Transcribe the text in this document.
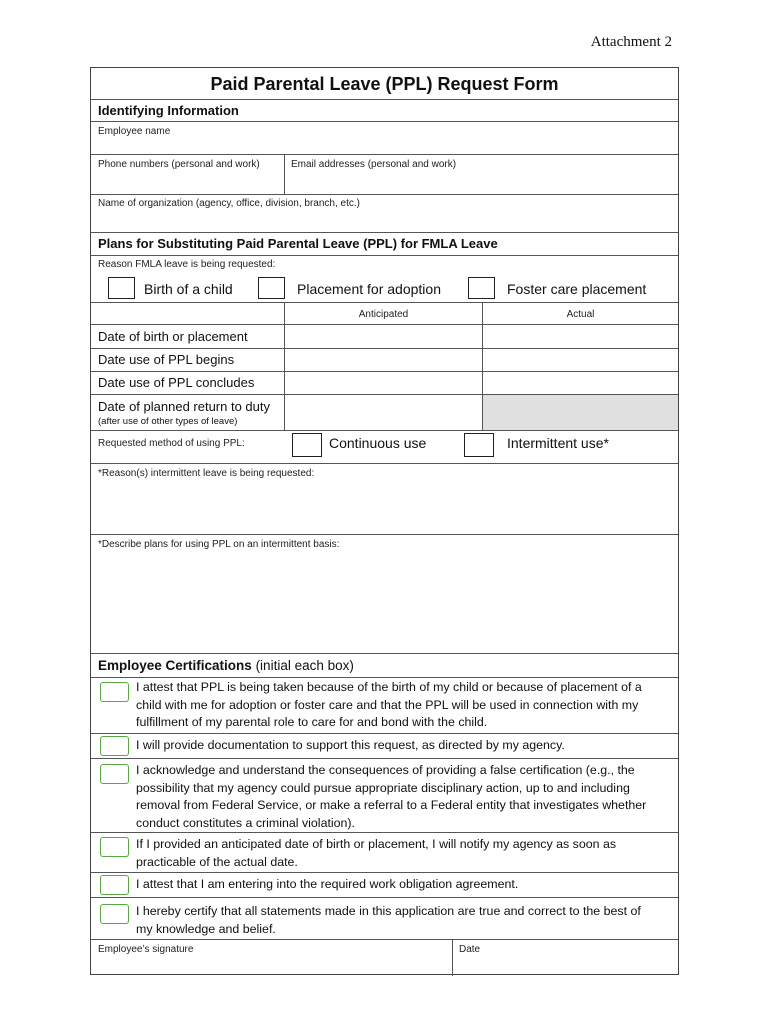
Attachment 2
Paid Parental Leave (PPL) Request Form
Identifying Information
Employee name
Phone numbers (personal and work)	Email addresses (personal and work)
Name of organization (agency, office, division, branch, etc.)
Plans for Substituting Paid Parental Leave (PPL) for FMLA Leave
Reason FMLA leave is being requested:
Birth of a child	Placement for adoption	Foster care placement
Anticipated	Actual
Date of birth or placement
Date use of PPL begins
Date use of PPL concludes
Date of planned return to duty
(after use of other types of leave)
Requested method of using PPL:	Continuous use	Intermittent use*
*Reason(s) intermittent leave is being requested:
*Describe plans for using PPL on an intermittent basis:
Employee Certifications (initial each box)
I attest that PPL is being taken because of the birth of my child or because of placement of a
child with me for adoption or foster care and that the PPL will be used in connection with my
fulfillment of my parental role to care for and bond with the child.
I will provide documentation to support this request, as directed by my agency.
I acknowledge and understand the consequences of providing a false certification (e.g., the
possibility that my agency could pursue appropriate disciplinary action, up to and including
removal from Federal Service, or make a referral to a Federal entity that investigates whether
conduct constitutes a criminal violation).
If I provided an anticipated date of birth or placement, I will notify my agency as soon as
practicable of the actual date.
I attest that I am entering into the required work obligation agreement.
I hereby certify that all statements made in this application are true and correct to the best of
my knowledge and belief.
Employee’s signature	Date
